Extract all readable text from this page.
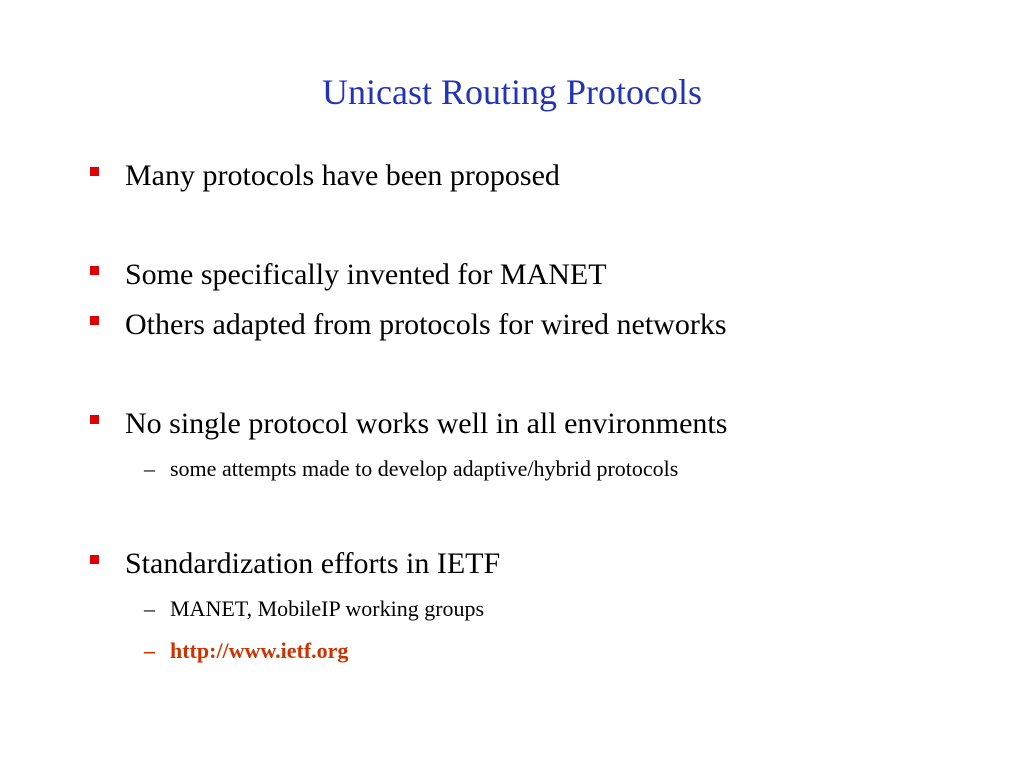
Unicast Routing Protocols
Many protocols have been proposed
Some specifically invented for MANET
Others adapted from protocols for wired networks
No single protocol works well in all environments
– some attempts made to develop adaptive/hybrid protocols
Standardization efforts in IETF
– MANET, MobileIP working groups
– http://www.ietf.org
